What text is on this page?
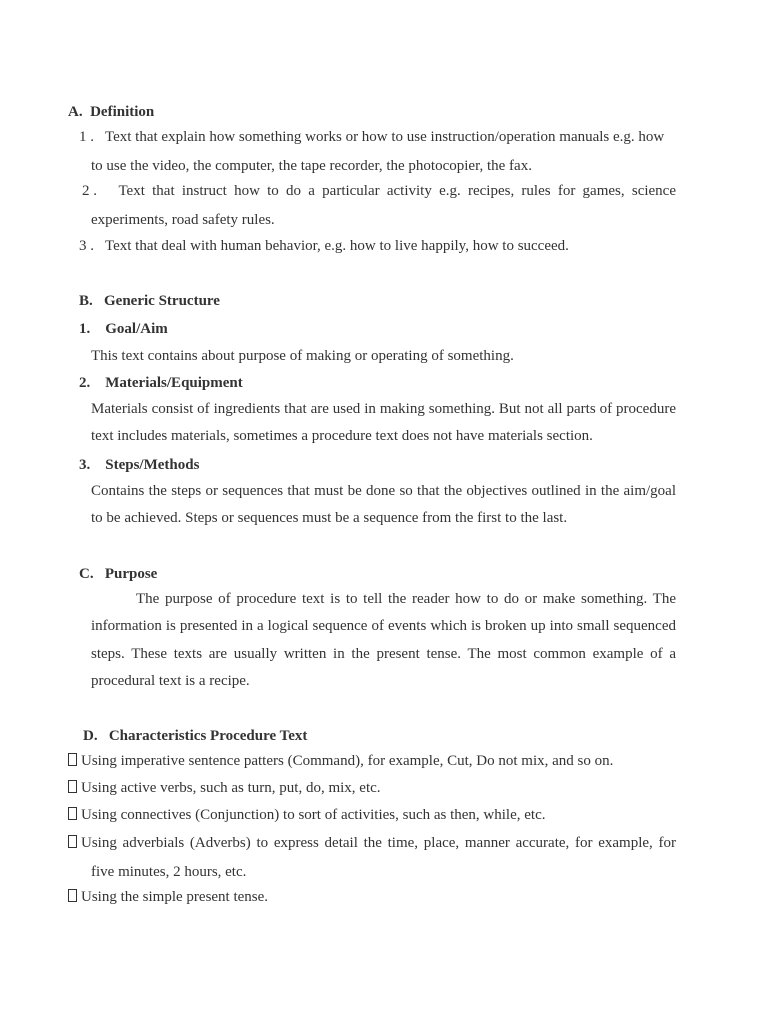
A. Definition
1 . Text that explain how something works or how to use instruction/operation manuals e.g. how
to use the video, the computer, the tape recorder, the photocopier, the fax.
2 . Text that instruct how to do a particular activity e.g. recipes, rules for games, science
experiments, road safety rules.
3 . Text that deal with human behavior, e.g. how to live happily, how to succeed.
B. Generic Structure
1. Goal/Aim
This text contains about purpose of making or operating of something.
2. Materials/Equipment
Materials consist of ingredients that are used in making something. But not all parts of procedure text includes materials, sometimes a procedure text does not have materials section.
3. Steps/Methods
Contains the steps or sequences that must be done so that the objectives outlined in the aim/goal to be achieved. Steps or sequences must be a sequence from the first to the last.
C. Purpose
The purpose of procedure text is to tell the reader how to do or make something. The information is presented in a logical sequence of events which is broken up into small sequenced steps. These texts are usually written in the present tense. The most common example of a procedural text is a recipe.
D. Characteristics Procedure Text
Using imperative sentence patters (Command), for example, Cut, Do not mix, and so on.
Using active verbs, such as turn, put, do, mix, etc.
Using connectives (Conjunction) to sort of activities, such as then, while, etc.
Using adverbials (Adverbs) to express detail the time, place, manner accurate, for example, for
five minutes, 2 hours, etc.
Using the simple present tense.
